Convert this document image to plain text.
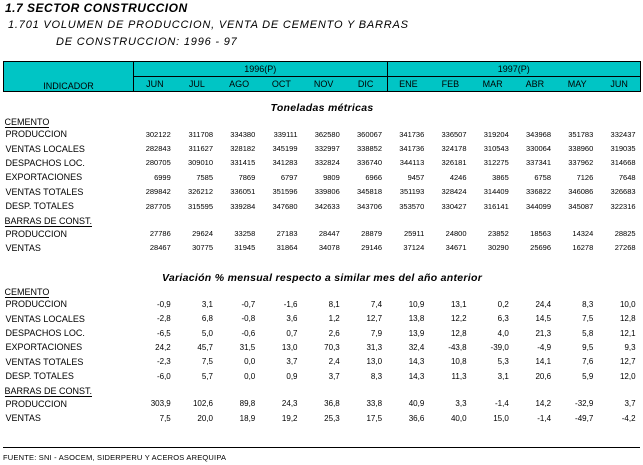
1.7 SECTOR CONSTRUCCION
1.701 VOLUMEN DE PRODUCCION, VENTA DE CEMENTO Y BARRAS
DE CONSTRUCCION: 1996 - 97
INDICADOR	1996(P)						1997(P)					
	JUN	JUL	AGO	OCT	NOV	DIC	ENE	FEB	MAR	ABR	MAY	JUN
Toneladas métricas												
CEMENTO												
PRODUCCION	302122	311708	334380	339111	362580	360067	341736	336507	319204	343968	351783	332437
VENTAS LOCALES	282843	311627	328182	345199	332997	338852	341736	324178	310543	330064	338960	319035
DESPACHOS LOC.	280705	309010	331415	341283	332824	336740	344113	326181	312275	337341	337962	314668
EXPORTACIONES	6999	7585	7869	6797	9809	6966	9457	4246	3865	6758	7126	7648
VENTAS TOTALES	289842	326212	336051	351596	339806	345818	351193	328424	314409	336822	346086	326683
DESP. TOTALES	287705	315595	339284	347680	342633	343706	353570	330427	316141	344099	345087	322316
BARRAS DE CONST.												
PRODUCCION	27786	29624	33258	27183	28447	28879	25911	24800	23852	18563	14324	28825
VENTAS	28467	30775	31945	31864	34078	29146	37124	34671	30290	25696	16278	27268

Variación % mensual respecto a similar mes del año anterior												
CEMENTO												
PRODUCCION	-0,9	3,1	-0,7	-1,6	8,1	7,4	10,9	13,1	0,2	24,4	8,3	10,0
VENTAS LOCALES	-2,8	6,8	-0,8	3,6	1,2	12,7	13,8	12,2	6,3	14,5	7,5	12,8
DESPACHOS LOC.	-6,5	5,0	-0,6	0,7	2,6	7,9	13,9	12,8	4,0	21,3	5,8	12,1
EXPORTACIONES	24,2	45,7	31,5	13,0	70,3	31,3	32,4	-43,8	-39,0	-4,9	9,5	9,3
VENTAS TOTALES	-2,3	7,5	0,0	3,7	2,4	13,0	14,3	10,8	5,3	14,1	7,6	12,7
DESP. TOTALES	-6,0	5,7	0,0	0,9	3,7	8,3	14,3	11,3	3,1	20,6	5,9	12,0
BARRAS DE CONST.												
PRODUCCION	303,9	102,6	89,8	24,3	36,8	33,8	40,9	3,3	-1,4	14,2	-32,9	3,7
VENTAS	7,5	20,0	18,9	19,2	25,3	17,5	36,6	40,0	15,0	-1,4	-49,7	-4,2
FUENTE: SNI - ASOCEM, SIDERPERU Y ACEROS AREQUIPA
